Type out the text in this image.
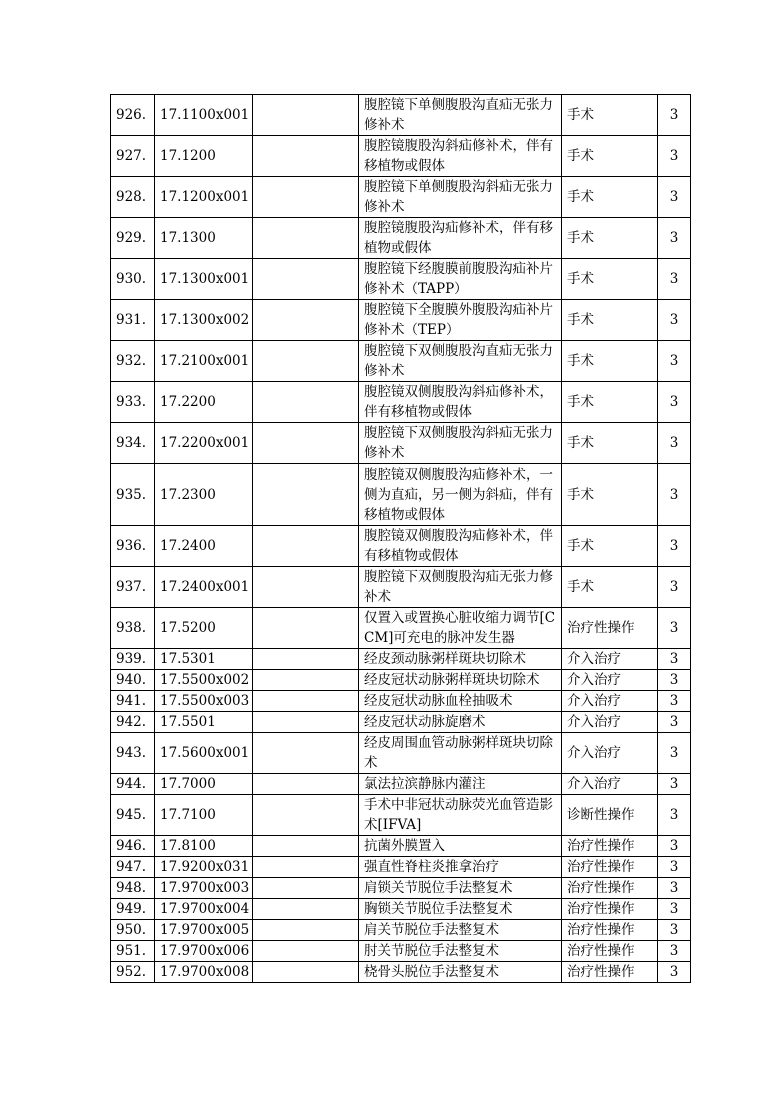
926.	17.1100x001		腹腔镜下单侧腹股沟直疝无张力修补术	手术	3
927.	17.1200		腹腔镜腹股沟斜疝修补术，伴有移植物或假体	手术	3
928.	17.1200x001		腹腔镜下单侧腹股沟斜疝无张力修补术	手术	3
929.	17.1300		腹腔镜腹股沟疝修补术，伴有移植物或假体	手术	3
930.	17.1300x001		腹腔镜下经腹膜前腹股沟疝补片修补术（TAPP）	手术	3
931.	17.1300x002		腹腔镜下全腹膜外腹股沟疝补片修补术（TEP）	手术	3
932.	17.2100x001		腹腔镜下双侧腹股沟直疝无张力修补术	手术	3
933.	17.2200		腹腔镜双侧腹股沟斜疝修补术，伴有移植物或假体	手术	3
934.	17.2200x001		腹腔镜下双侧腹股沟斜疝无张力修补术	手术	3
935.	17.2300		腹腔镜双侧腹股沟疝修补术，一侧为直疝，另一侧为斜疝，伴有移植物或假体	手术	3
936.	17.2400		腹腔镜双侧腹股沟疝修补术，伴有移植物或假体	手术	3
937.	17.2400x001		腹腔镜下双侧腹股沟疝无张力修补术	手术	3
938.	17.5200		仅置入或置换心脏收缩力调节[CCM]可充电的脉冲发生器	治疗性操作	3
939.	17.5301		经皮颈动脉粥样斑块切除术	介入治疗	3
940.	17.5500x002		经皮冠状动脉粥样斑块切除术	介入治疗	3
941.	17.5500x003		经皮冠状动脉血栓抽吸术	介入治疗	3
942.	17.5501		经皮冠状动脉旋磨术	介入治疗	3
943.	17.5600x001		经皮周围血管动脉粥样斑块切除术	介入治疗	3
944.	17.7000		氯法拉滨静脉内灌注	介入治疗	3
945.	17.7100		手术中非冠状动脉荧光血管造影术[IFVA]	诊断性操作	3
946.	17.8100		抗菌外膜置入	治疗性操作	3
947.	17.9200x031		强直性脊柱炎推拿治疗	治疗性操作	3
948.	17.9700x003		肩锁关节脱位手法整复术	治疗性操作	3
949.	17.9700x004		胸锁关节脱位手法整复术	治疗性操作	3
950.	17.9700x005		肩关节脱位手法整复术	治疗性操作	3
951.	17.9700x006		肘关节脱位手法整复术	治疗性操作	3
952.	17.9700x008		桡骨头脱位手法整复术	治疗性操作	3
